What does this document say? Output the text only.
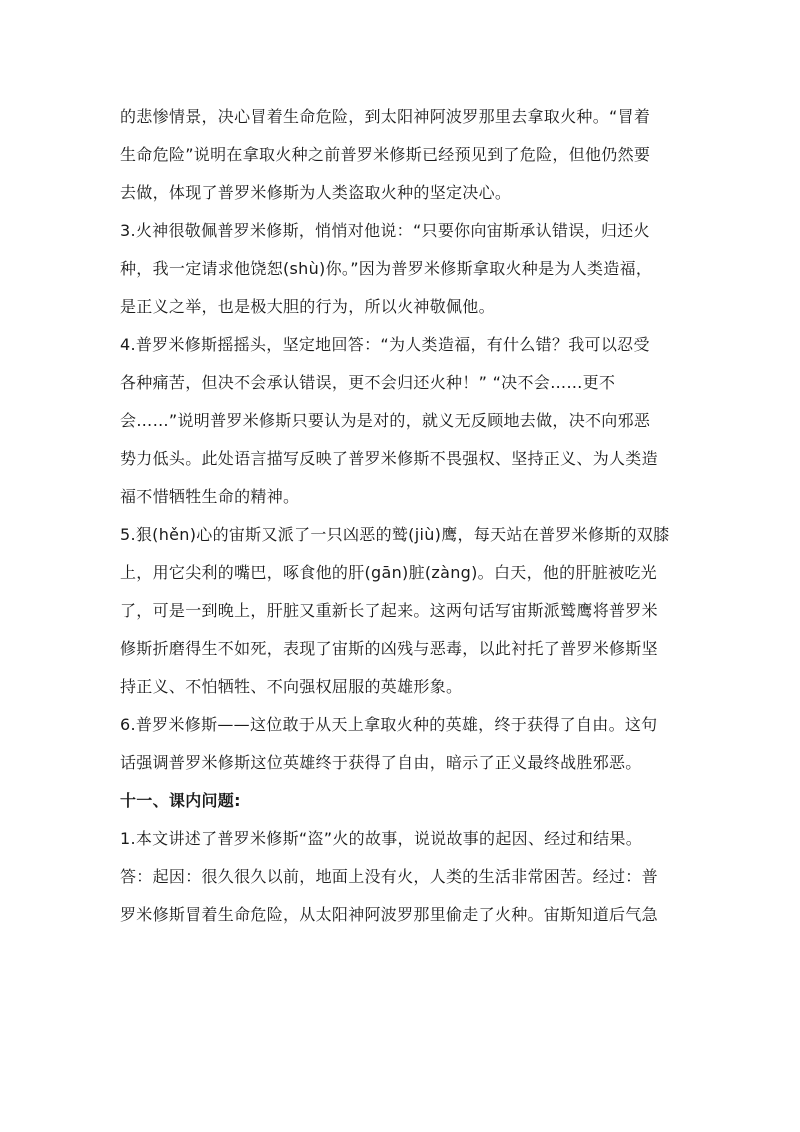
的悲惨情景，决心冒着生命危险，到太阳神阿波罗那里去拿取火种。“冒着
生命危险”说明在拿取火种之前普罗米修斯已经预见到了危险，但他仍然要
去做，体现了普罗米修斯为人类盗取火种的坚定决心。
3.火神很敬佩普罗米修斯，悄悄对他说：“只要你向宙斯承认错误，归还火
种，我一定请求他饶恕(shù)你。”因为普罗米修斯拿取火种是为人类造福，
是正义之举，也是极大胆的行为，所以火神敬佩他。
4.普罗米修斯摇摇头，坚定地回答：“为人类造福，有什么错？我可以忍受
各种痛苦，但决不会承认错误，更不会归还火种！” “决不会……更不
会……”说明普罗米修斯只要认为是对的，就义无反顾地去做，决不向邪恶
势力低头。此处语言描写反映了普罗米修斯不畏强权、坚持正义、为人类造
福不惜牺牲生命的精神。
5.狠(hěn)心的宙斯又派了一只凶恶的鹫(jiù)鹰，每天站在普罗米修斯的双膝
上，用它尖利的嘴巴，啄食他的肝(gān)脏(zàng)。白天，他的肝脏被吃光
了，可是一到晚上，肝脏又重新长了起来。这两句话写宙斯派鹫鹰将普罗米
修斯折磨得生不如死，表现了宙斯的凶残与恶毒，以此衬托了普罗米修斯坚
持正义、不怕牺牲、不向强权屈服的英雄形象。
6.普罗米修斯——这位敢于从天上拿取火种的英雄，终于获得了自由。这句
话强调普罗米修斯这位英雄终于获得了自由，暗示了正义最终战胜邪恶。
十一、课内问题:
1.本文讲述了普罗米修斯“盗”火的故事，说说故事的起因、经过和结果。
答：起因：很久很久以前，地面上没有火，人类的生活非常困苦。经过：普
罗米修斯冒着生命危险，从太阳神阿波罗那里偷走了火种。宙斯知道后气急
